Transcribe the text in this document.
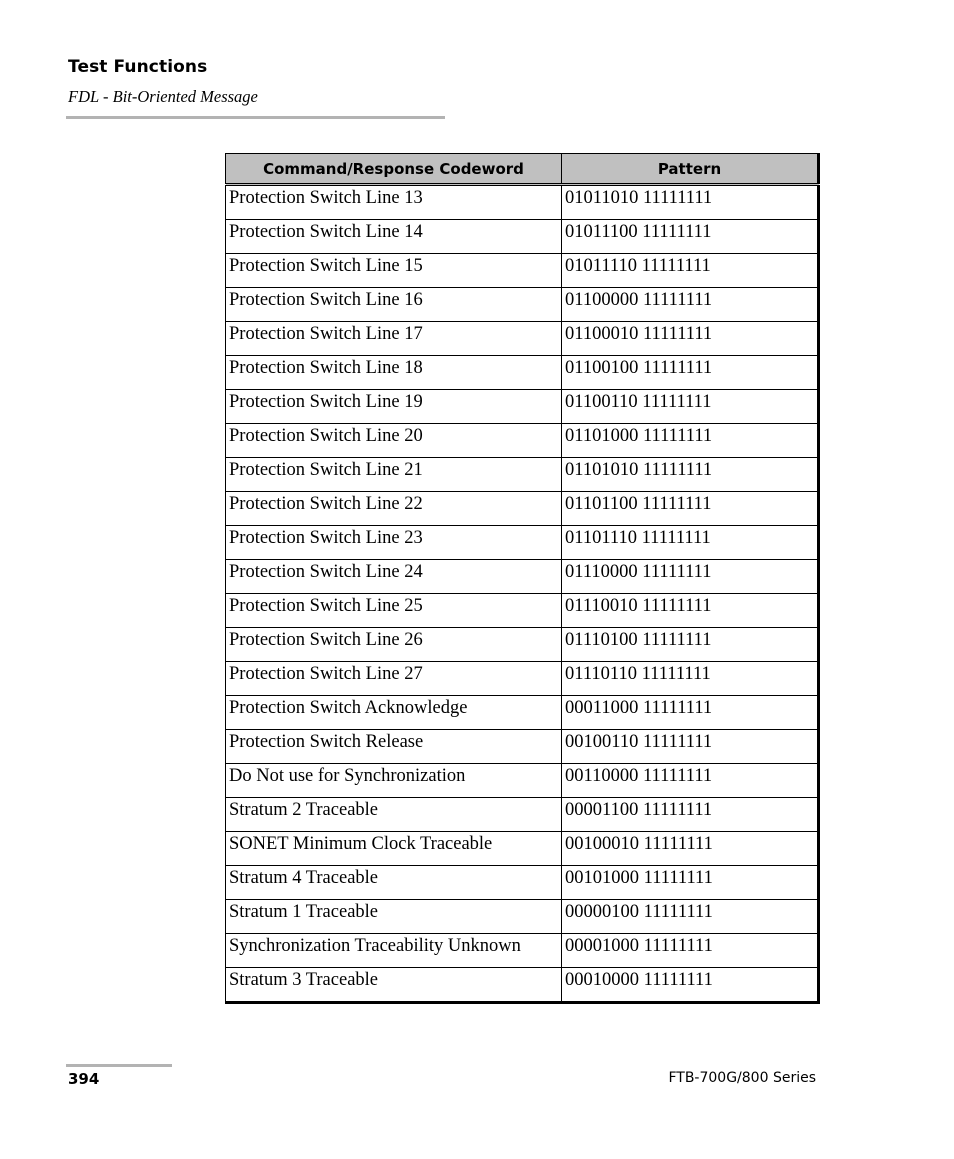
Test Functions
FDL - Bit-Oriented Message
Command/Response Codeword	Pattern
Protection Switch Line 13	01011010 11111111
Protection Switch Line 14	01011100 11111111
Protection Switch Line 15	01011110 11111111
Protection Switch Line 16	01100000 11111111
Protection Switch Line 17	01100010 11111111
Protection Switch Line 18	01100100 11111111
Protection Switch Line 19	01100110 11111111
Protection Switch Line 20	01101000 11111111
Protection Switch Line 21	01101010 11111111
Protection Switch Line 22	01101100 11111111
Protection Switch Line 23	01101110 11111111
Protection Switch Line 24	01110000 11111111
Protection Switch Line 25	01110010 11111111
Protection Switch Line 26	01110100 11111111
Protection Switch Line 27	01110110 11111111
Protection Switch Acknowledge	00011000 11111111
Protection Switch Release	00100110 11111111
Do Not use for Synchronization	00110000 11111111
Stratum 2 Traceable	00001100 11111111
SONET Minimum Clock Traceable	00100010 11111111
Stratum 4 Traceable	00101000 11111111
Stratum 1 Traceable	00000100 11111111
Synchronization Traceability Unknown	00001000 11111111
Stratum 3 Traceable	00010000 11111111
394	FTB-700G/800 Series
